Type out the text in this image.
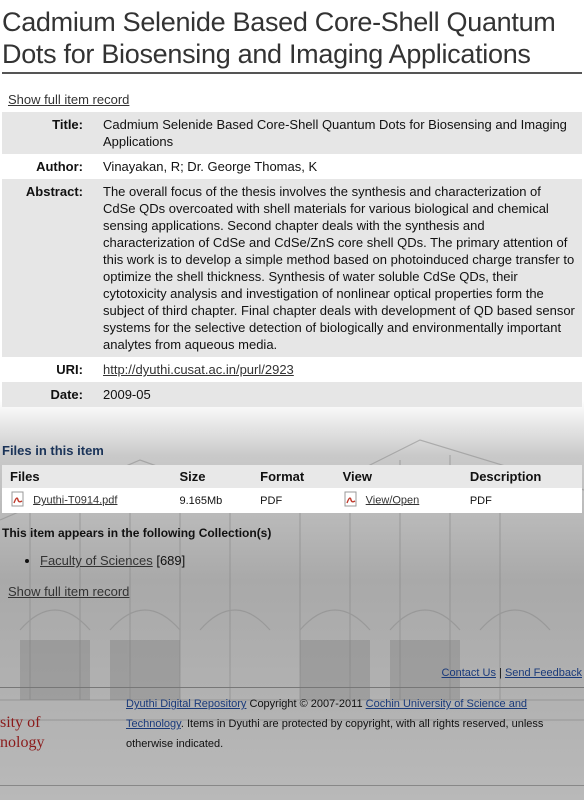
Cadmium Selenide Based Core-Shell Quantum Dots for Biosensing and Imaging Applications
Show full item record
Title:	Cadmium Selenide Based Core-Shell Quantum Dots for Biosensing and Imaging Applications
Author:	Vinayakan, R; Dr. George Thomas, K
Abstract:	The overall focus of the thesis involves the synthesis and characterization of CdSe QDs overcoated with shell materials for various biological and chemical sensing applications. Second chapter deals with the synthesis and characterization of CdSe and CdSe/ZnS core shell QDs. The primary attention of this work is to develop a simple method based on photoinduced charge transfer to optimize the shell thickness. Synthesis of water soluble CdSe QDs, their cytotoxicity analysis and investigation of nonlinear optical properties form the subject of third chapter. Final chapter deals with development of QD based sensor systems for the selective detection of biologically and environmentally important analytes from aqueous media.
URI:	http://dyuthi.cusat.ac.in/purl/2923
Date:	2009-05
Files in this item
Files	Size	Format	View	Description
Dyuthi-T0914.pdf	9.165Mb	PDF	View/Open	PDF
This item appears in the following Collection(s)
• Faculty of Sciences [689]
Show full item record
Contact Us | Send Feedback
sity of
nology
Dyuthi Digital Repository Copyright © 2007-2011 Cochin University of Science and Technology. Items in Dyuthi are protected by copyright, with all rights reserved, unless otherwise indicated.
